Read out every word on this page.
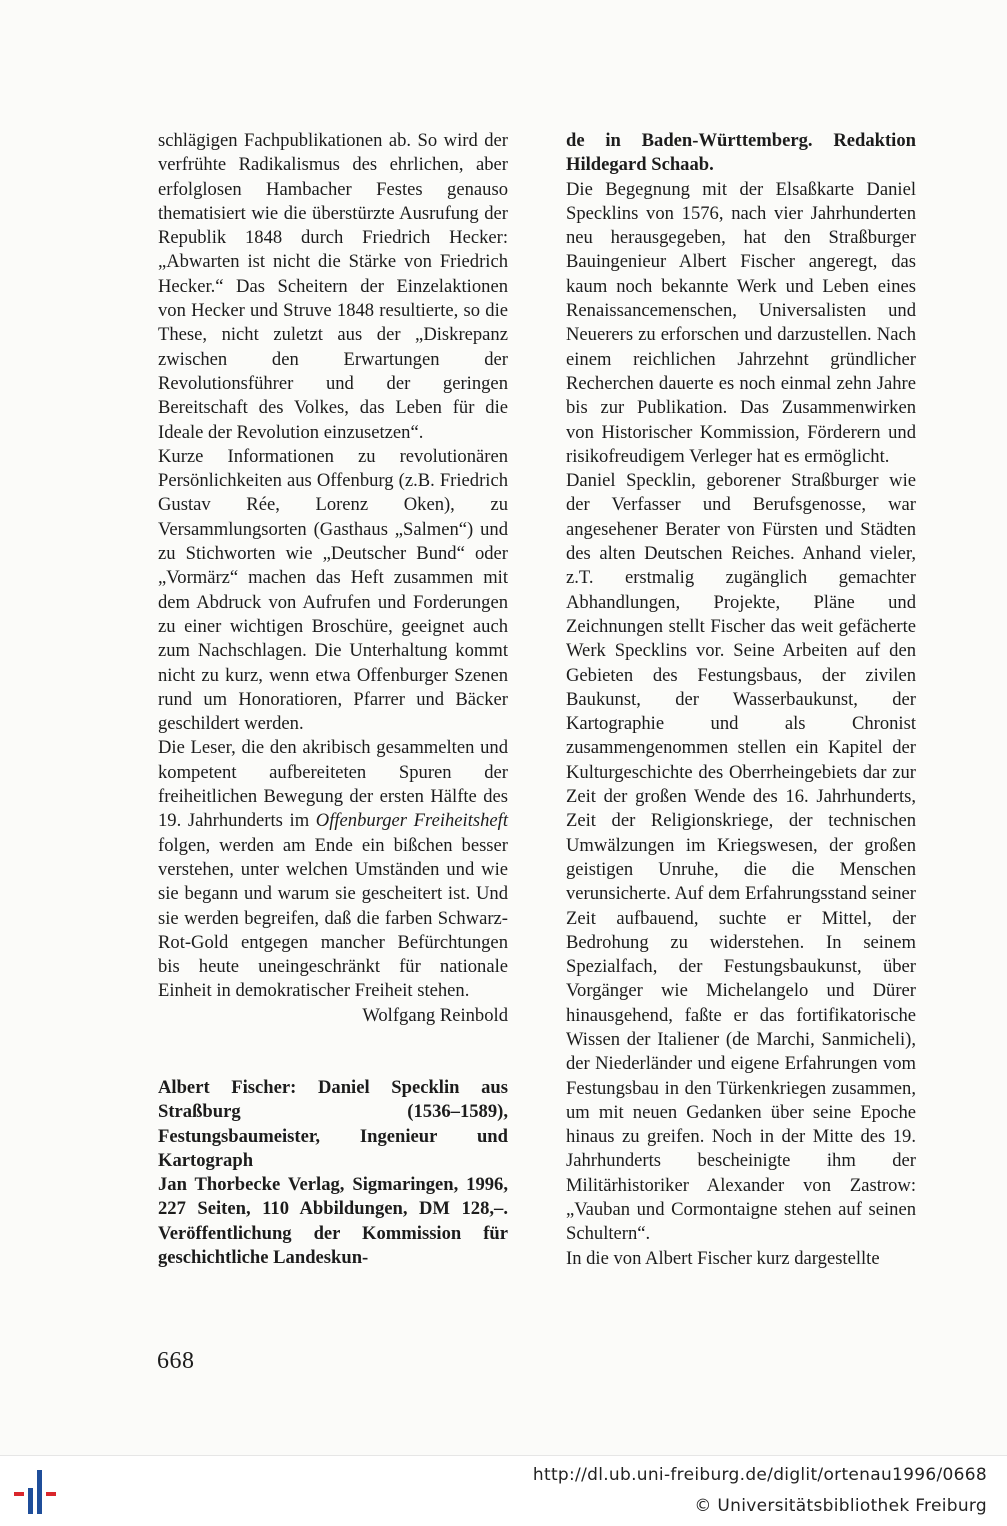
schlägigen Fachpublikationen ab. So wird der verfrühte Radikalismus des ehrlichen, aber erfolglosen Hambacher Festes genauso thematisiert wie die überstürzte Ausrufung der Republik 1848 durch Friedrich Hecker: „Abwarten ist nicht die Stärke von Friedrich Hecker.“ Das Scheitern der Einzelaktionen von Hecker und Struve 1848 resultierte, so die These, nicht zuletzt aus der „Diskrepanz zwischen den Erwartungen der Revolutionsführer und der geringen Bereitschaft des Volkes, das Leben für die Ideale der Revolution einzusetzen“.

Kurze Informationen zu revolutionären Persönlichkeiten aus Offenburg (z.B. Friedrich Gustav Rée, Lorenz Oken), zu Versammlungsorten (Gasthaus „Salmen“) und zu Stichworten wie „Deutscher Bund“ oder „Vormärz“ machen das Heft zusammen mit dem Abdruck von Aufrufen und Forderungen zu einer wichtigen Broschüre, geeignet auch zum Nachschlagen. Die Unterhaltung kommt nicht zu kurz, wenn etwa Offenburger Szenen rund um Honoratioren, Pfarrer und Bäcker geschildert werden.

Die Leser, die den akribisch gesammelten und kompetent aufbereiteten Spuren der freiheitlichen Bewegung der ersten Hälfte des 19. Jahrhunderts im Offenburger Freiheitsheft folgen, werden am Ende ein bißchen besser verstehen, unter welchen Umständen und wie sie begann und warum sie gescheitert ist. Und sie werden begreifen, daß die farben Schwarz-Rot-Gold entgegen mancher Befürchtungen bis heute uneingeschränkt für nationale Einheit in demokratischer Freiheit stehen.

Wolfgang Reinbold

Albert Fischer: Daniel Specklin aus Straßburg (1536–1589), Festungsbaumeister, Ingenieur und Kartograph

Jan Thorbecke Verlag, Sigmaringen, 1996, 227 Seiten, 110 Abbildungen, DM 128,–. Veröffentlichung der Kommission für geschichtliche Landeskun-

de in Baden-Württemberg. Redaktion Hildegard Schaab.

Die Begegnung mit der Elsaßkarte Daniel Specklins von 1576, nach vier Jahrhunderten neu herausgegeben, hat den Straßburger Bauingenieur Albert Fischer angeregt, das kaum noch bekannte Werk und Leben eines Renaissancemenschen, Universalisten und Neuerers zu erforschen und darzustellen. Nach einem reichlichen Jahrzehnt gründlicher Recherchen dauerte es noch einmal zehn Jahre bis zur Publikation. Das Zusammenwirken von Historischer Kommission, Förderern und risikofreudigem Verleger hat es ermöglicht.

Daniel Specklin, geborener Straßburger wie der Verfasser und Berufsgenosse, war angesehener Berater von Fürsten und Städten des alten Deutschen Reiches. Anhand vieler, z.T. erstmalig zugänglich gemachter Abhandlungen, Projekte, Pläne und Zeichnungen stellt Fischer das weit gefächerte Werk Specklins vor. Seine Arbeiten auf den Gebieten des Festungsbaus, der zivilen Baukunst, der Wasserbaukunst, der Kartographie und als Chronist zusammengenommen stellen ein Kapitel der Kulturgeschichte des Oberrheingebiets dar zur Zeit der großen Wende des 16. Jahrhunderts, Zeit der Religionskriege, der technischen Umwälzungen im Kriegswesen, der großen geistigen Unruhe, die die Menschen verunsicherte. Auf dem Erfahrungsstand seiner Zeit aufbauend, suchte er Mittel, der Bedrohung zu widerstehen. In seinem Spezialfach, der Festungsbaukunst, über Vorgänger wie Michelangelo und Dürer hinausgehend, faßte er das fortifikatorische Wissen der Italiener (de Marchi, Sanmicheli), der Niederländer und eigene Erfahrungen vom Festungsbau in den Türkenkriegen zusammen, um mit neuen Gedanken über seine Epoche hinaus zu greifen. Noch in der Mitte des 19. Jahrhunderts bescheinigte ihm der Militärhistoriker Alexander von Zastrow: „Vauban und Cormontaigne stehen auf seinen Schultern“.

In die von Albert Fischer kurz dargestellte

668
http://dl.ub.uni-freiburg.de/diglit/ortenau1996/0668
© Universitätsbibliothek Freiburg
